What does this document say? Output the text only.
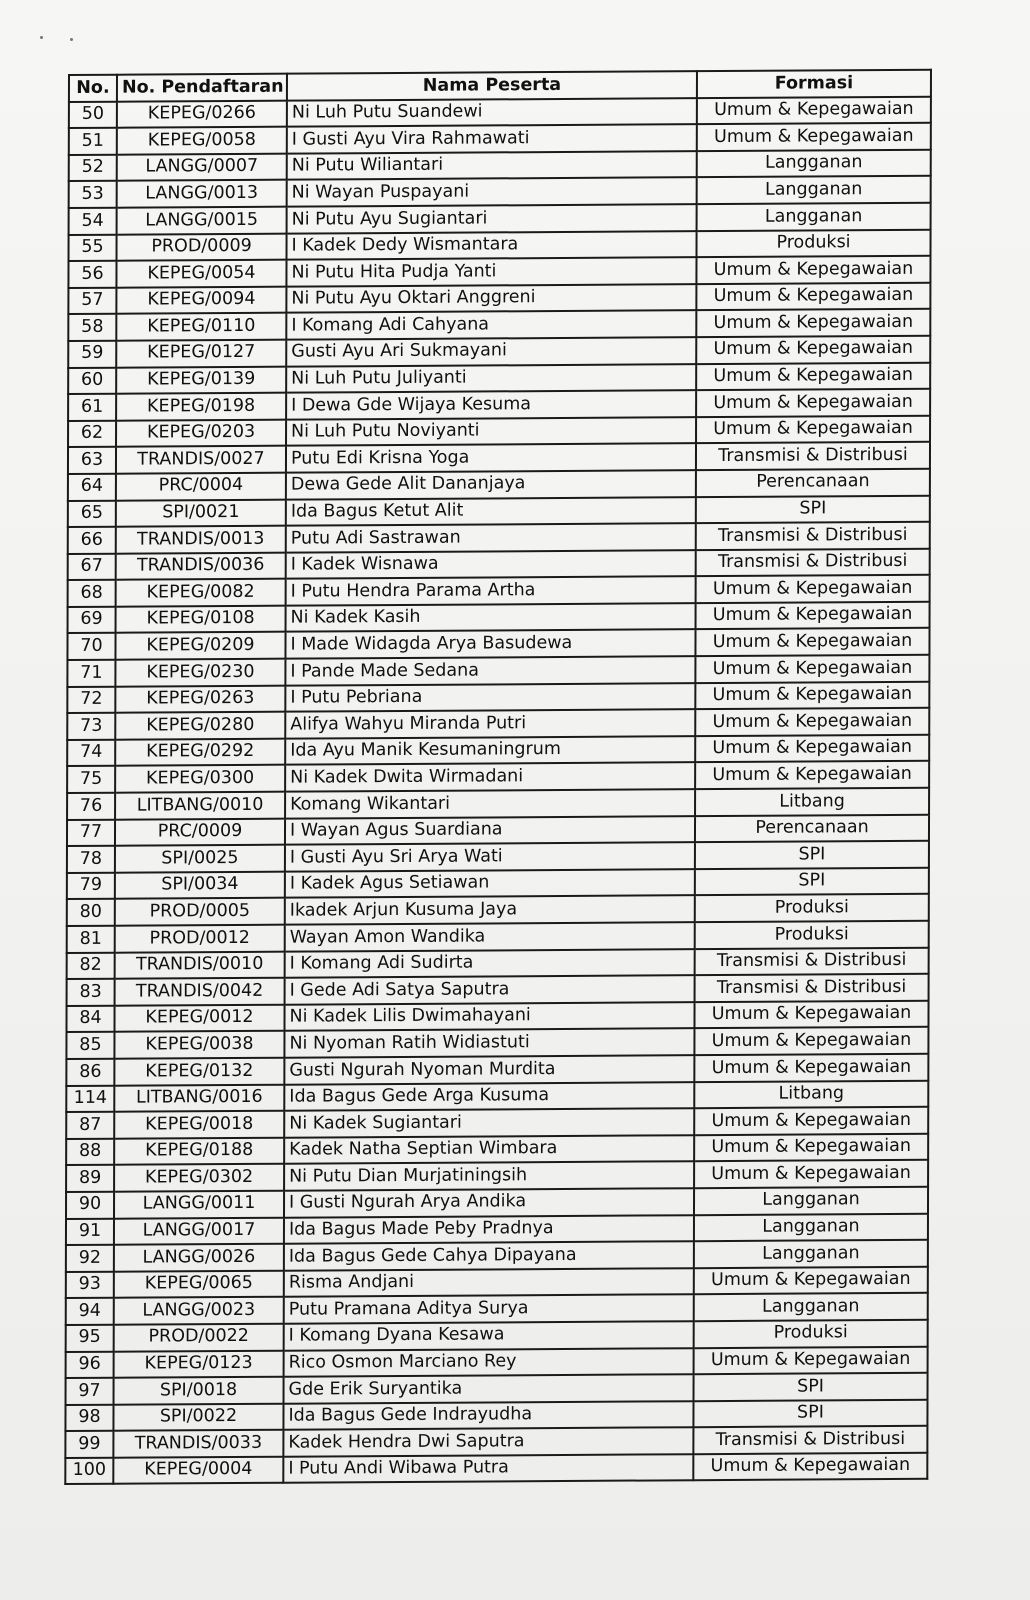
No.	No. Pendaftaran	Nama Peserta	Formasi
50	KEPEG/0266	Ni Luh Putu Suandewi	Umum & Kepegawaian
51	KEPEG/0058	I Gusti Ayu Vira Rahmawati	Umum & Kepegawaian
52	LANGG/0007	Ni Putu Wiliantari	Langganan
53	LANGG/0013	Ni Wayan Puspayani	Langganan
54	LANGG/0015	Ni Putu Ayu Sugiantari	Langganan
55	PROD/0009	I Kadek Dedy Wismantara	Produksi
56	KEPEG/0054	Ni Putu Hita Pudja Yanti	Umum & Kepegawaian
57	KEPEG/0094	Ni Putu Ayu Oktari Anggreni	Umum & Kepegawaian
58	KEPEG/0110	I Komang Adi Cahyana	Umum & Kepegawaian
59	KEPEG/0127	Gusti Ayu Ari Sukmayani	Umum & Kepegawaian
60	KEPEG/0139	Ni Luh Putu Juliyanti	Umum & Kepegawaian
61	KEPEG/0198	I Dewa Gde Wijaya Kesuma	Umum & Kepegawaian
62	KEPEG/0203	Ni Luh Putu Noviyanti	Umum & Kepegawaian
63	TRANDIS/0027	Putu Edi Krisna Yoga	Transmisi & Distribusi
64	PRC/0004	Dewa Gede Alit Dananjaya	Perencanaan
65	SPI/0021	Ida Bagus Ketut Alit	SPI
66	TRANDIS/0013	Putu Adi Sastrawan	Transmisi & Distribusi
67	TRANDIS/0036	I Kadek Wisnawa	Transmisi & Distribusi
68	KEPEG/0082	I Putu Hendra Parama Artha	Umum & Kepegawaian
69	KEPEG/0108	Ni Kadek Kasih	Umum & Kepegawaian
70	KEPEG/0209	I Made Widagda Arya Basudewa	Umum & Kepegawaian
71	KEPEG/0230	I Pande Made Sedana	Umum & Kepegawaian
72	KEPEG/0263	I Putu Pebriana	Umum & Kepegawaian
73	KEPEG/0280	Alifya Wahyu Miranda Putri	Umum & Kepegawaian
74	KEPEG/0292	Ida Ayu Manik Kesumaningrum	Umum & Kepegawaian
75	KEPEG/0300	Ni Kadek Dwita Wirmadani	Umum & Kepegawaian
76	LITBANG/0010	Komang Wikantari	Litbang
77	PRC/0009	I Wayan Agus Suardiana	Perencanaan
78	SPI/0025	I Gusti Ayu Sri Arya Wati	SPI
79	SPI/0034	I Kadek Agus Setiawan	SPI
80	PROD/0005	Ikadek Arjun Kusuma Jaya	Produksi
81	PROD/0012	Wayan Amon Wandika	Produksi
82	TRANDIS/0010	I Komang Adi Sudirta	Transmisi & Distribusi
83	TRANDIS/0042	I Gede Adi Satya Saputra	Transmisi & Distribusi
84	KEPEG/0012	Ni Kadek Lilis Dwimahayani	Umum & Kepegawaian
85	KEPEG/0038	Ni Nyoman Ratih Widiastuti	Umum & Kepegawaian
86	KEPEG/0132	Gusti Ngurah Nyoman Murdita	Umum & Kepegawaian
114	LITBANG/0016	Ida Bagus Gede Arga Kusuma	Litbang
87	KEPEG/0018	Ni Kadek Sugiantari	Umum & Kepegawaian
88	KEPEG/0188	Kadek Natha Septian Wimbara	Umum & Kepegawaian
89	KEPEG/0302	Ni Putu Dian Murjatiningsih	Umum & Kepegawaian
90	LANGG/0011	I Gusti Ngurah Arya Andika	Langganan
91	LANGG/0017	Ida Bagus Made Peby Pradnya	Langganan
92	LANGG/0026	Ida Bagus Gede Cahya Dipayana	Langganan
93	KEPEG/0065	Risma Andjani	Umum & Kepegawaian
94	LANGG/0023	Putu Pramana Aditya Surya	Langganan
95	PROD/0022	I Komang Dyana Kesawa	Produksi
96	KEPEG/0123	Rico Osmon Marciano Rey	Umum & Kepegawaian
97	SPI/0018	Gde Erik Suryantika	SPI
98	SPI/0022	Ida Bagus Gede Indrayudha	SPI
99	TRANDIS/0033	Kadek Hendra Dwi Saputra	Transmisi & Distribusi
100	KEPEG/0004	I Putu Andi Wibawa Putra	Umum & Kepegawaian
